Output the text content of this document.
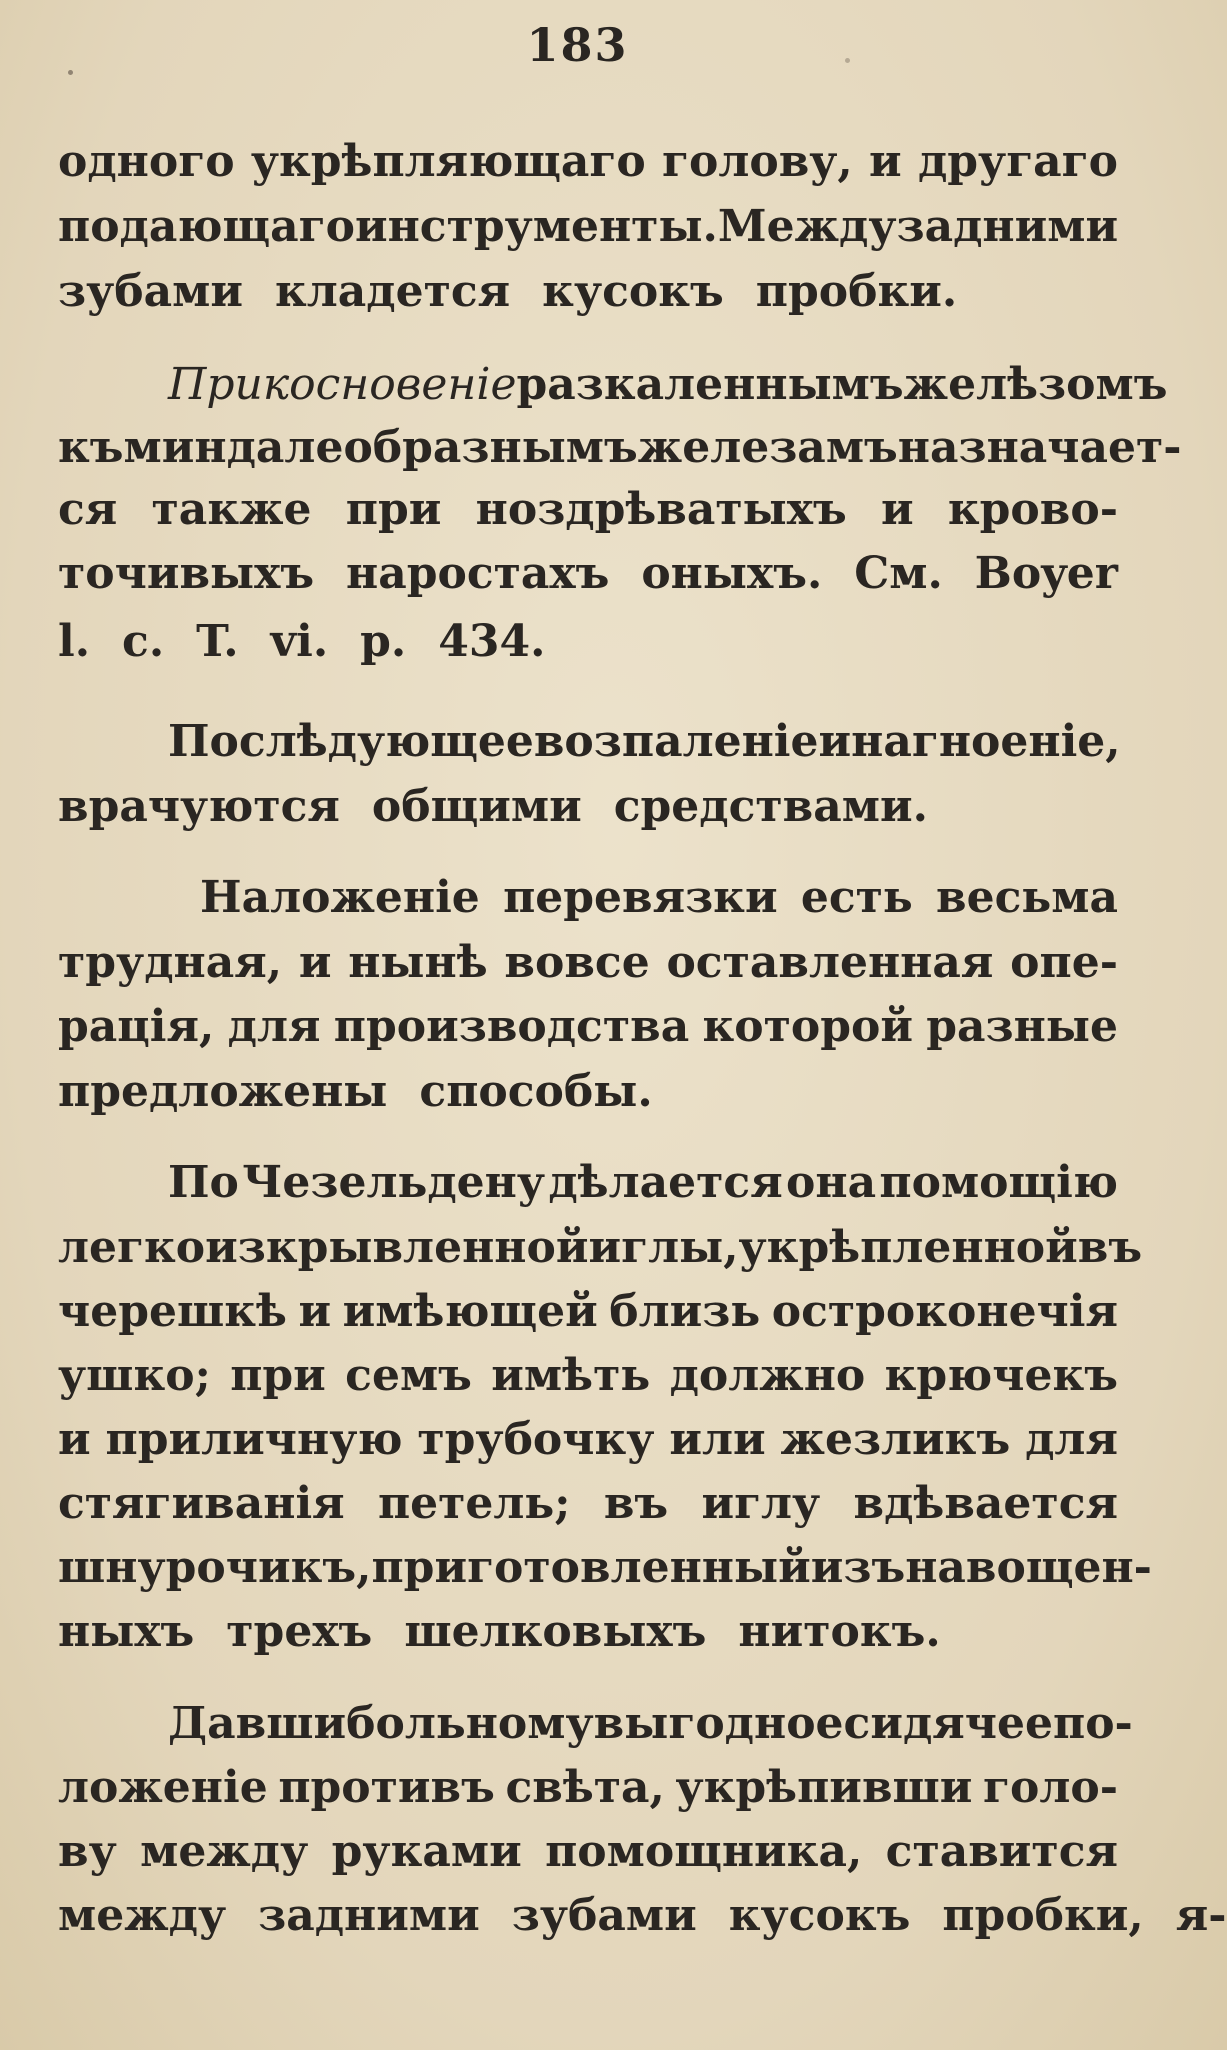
183
одного укрѣпляющаго голову, и другаго
подающаго инструменты. Между задними
зубами кладется кусокъ пробки.
Прикосновеніе разкаленнымъ желѣзомъ
къ миндалеобразнымъ железамъ назначает-
ся также при ноздрѣватыхъ и крово-
точивыхъ наростахъ оныхъ. См. Boyer
l. c. T. vi. p. 434.
Послѣдующее возпаленіе и нагноеніе,
врачуются общими средствами.
Наложеніе перевязки есть весьма
трудная, и нынѣ вовсе оставленная опе-
рація, для производства которой разные
предложены способы.
По Чезельдену дѣлается она помощію
легко изкрывленной иглы, укрѣпленной въ
черешкѣ и имѣющей близь остроконечія
ушко; при семъ имѣть должно крючекъ
и приличную трубочку или жезликъ для
стягиванія петель; въ иглу вдѣвается
шнурочикъ, приготовленный изъ навощен-
ныхъ трехъ шелковыхъ нитокъ.
Давши больному выгодное сидячее по-
ложеніе противъ свѣта, укрѣпивши голо-
ву между руками помощника, ставится
между задними зубами кусокъ пробки, я-
